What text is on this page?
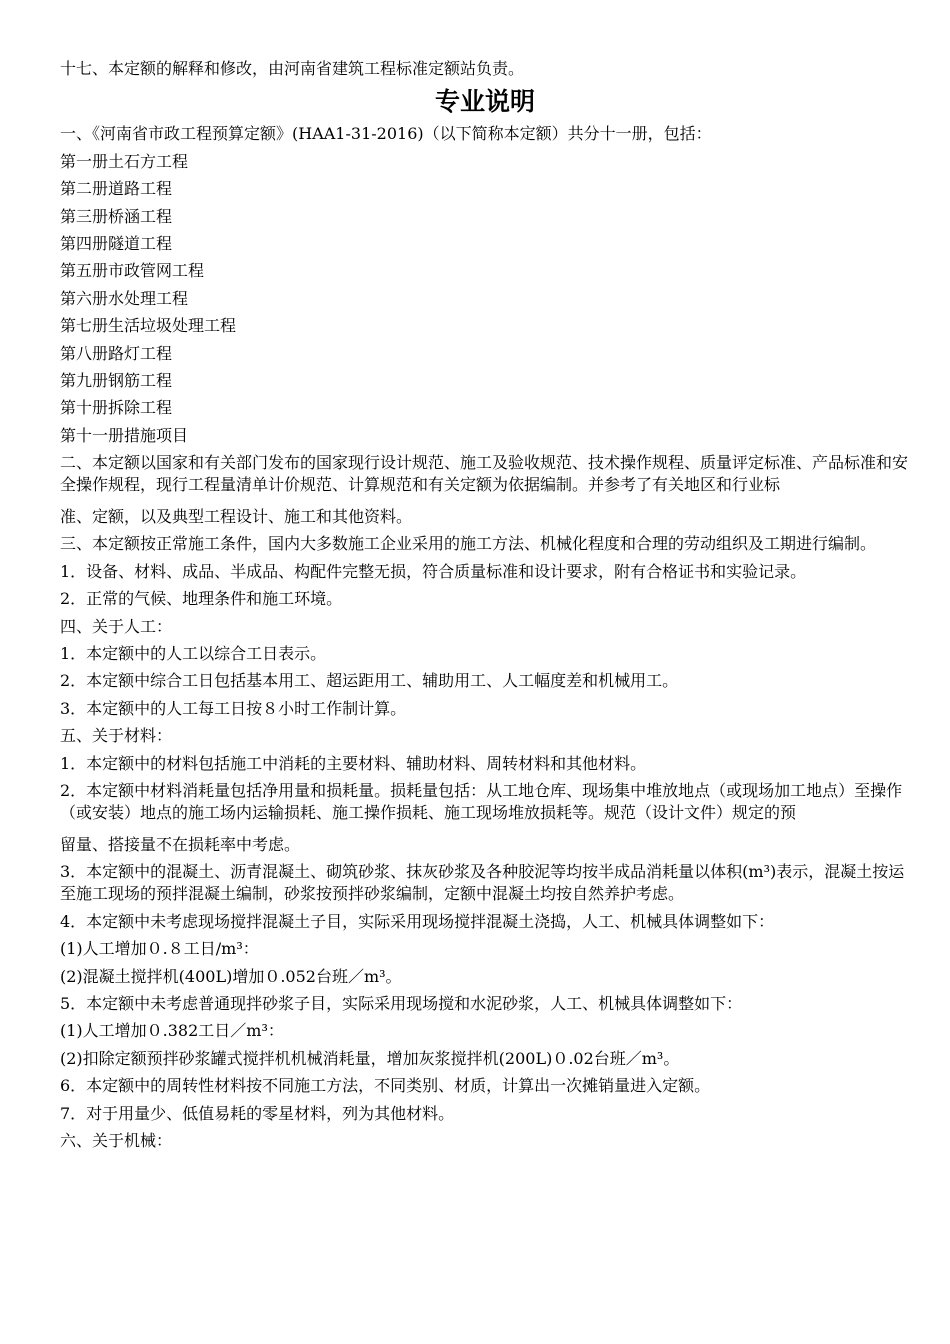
十七、本定额的解释和修改，由河南省建筑工程标准定额站负责。
专业说明
一、《河南省市政工程预算定额》(HAA1-31-2016)（以下简称本定额）共分十一册，包括：
第一册土石方工程
第二册道路工程
第三册桥涵工程
第四册隧道工程
第五册市政管网工程
第六册水处理工程
第七册生活垃圾处理工程
第八册路灯工程
第九册钢筋工程
第十册拆除工程
第十一册措施项目
二、本定额以国家和有关部门发布的国家现行设计规范、施工及验收规范、技术操作规程、质量评定标准、产品标准和安全操作规程，现行工程量清单计价规范、计算规范和有关定额为依据编制。并参考了有关地区和行业标
准、定额，以及典型工程设计、施工和其他资料。
三、本定额按正常施工条件，国内大多数施工企业采用的施工方法、机械化程度和合理的劳动组织及工期进行编制。
1．设备、材料、成品、半成品、构配件完整无损，符合质量标准和设计要求，附有合格证书和实验记录。
2．正常的气候、地理条件和施工环境。
四、关于人工：
1．本定额中的人工以综合工日表示。
2．本定额中综合工日包括基本用工、超运距用工、辅助用工、人工幅度差和机械用工。
3．本定额中的人工每工日按８小时工作制计算。
五、关于材料：
1．本定额中的材料包括施工中消耗的主要材料、辅助材料、周转材料和其他材料。
2．本定额中材料消耗量包括净用量和损耗量。损耗量包括：从工地仓库、现场集中堆放地点（或现场加工地点）至操作（或安装）地点的施工场内运输损耗、施工操作损耗、施工现场堆放损耗等。规范（设计文件）规定的预
留量、搭接量不在损耗率中考虑。
3．本定额中的混凝土、沥青混凝土、砌筑砂浆、抹灰砂浆及各种胶泥等均按半成品消耗量以体积(m³)表示，混凝土按运至施工现场的预拌混凝土编制，砂浆按预拌砂浆编制，定额中混凝土均按自然养护考虑。
4．本定额中未考虑现场搅拌混凝土子目，实际采用现场搅拌混凝土浇捣，人工、机械具体调整如下：
(1)人工增加０.８工日/m³：
(2)混凝土搅拌机(400L)增加０.052台班／m³。
5．本定额中未考虑普通现拌砂浆子目，实际采用现场搅和水泥砂浆，人工、机械具体调整如下：
(1)人工增加０.382工日／m³：
(2)扣除定额预拌砂浆罐式搅拌机机械消耗量，增加灰浆搅拌机(200L)０.02台班／m³。
6．本定额中的周转性材料按不同施工方法，不同类别、材质，计算出一次摊销量进入定额。
7．对于用量少、低值易耗的零星材料，列为其他材料。
六、关于机械：
